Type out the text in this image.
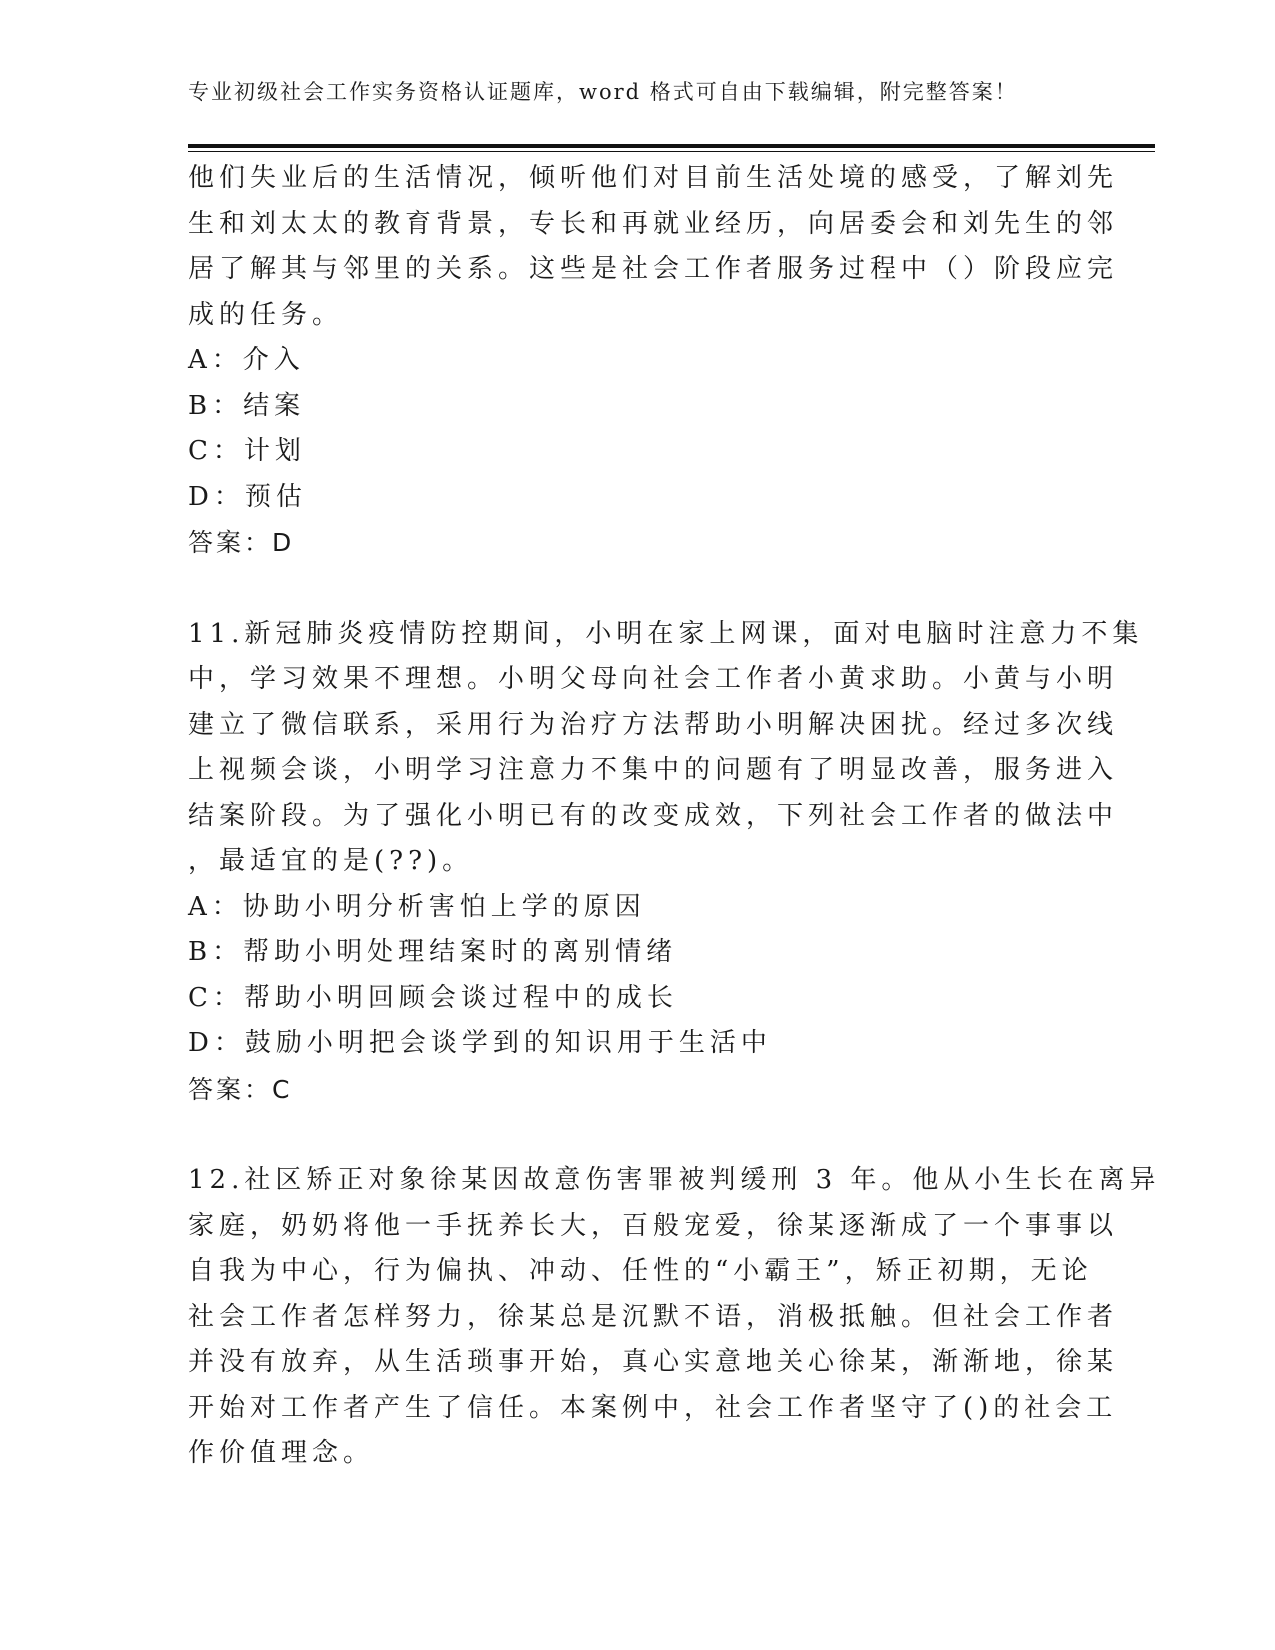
专业初级社会工作实务资格认证题库，word 格式可自由下载编辑，附完整答案！

他们失业后的生活情况，倾听他们对目前生活处境的感受，了解刘先
生和刘太太的教育背景，专长和再就业经历，向居委会和刘先生的邻
居了解其与邻里的关系。这些是社会工作者服务过程中（）阶段应完
成的任务。

A：介入
B：结案
C：计划
D：预估
答案：D

11.新冠肺炎疫情防控期间，小明在家上网课，面对电脑时注意力不集
中，学习效果不理想。小明父母向社会工作者小黄求助。小黄与小明
建立了微信联系，采用行为治疗方法帮助小明解决困扰。经过多次线
上视频会谈，小明学习注意力不集中的问题有了明显改善，服务进入
结案阶段。为了强化小明已有的改变成效，下列社会工作者的做法中
，最适宜的是(??)。

A：协助小明分析害怕上学的原因
B：帮助小明处理结案时的离别情绪
C：帮助小明回顾会谈过程中的成长
D：鼓励小明把会谈学到的知识用于生活中
答案：C

12.社区矫正对象徐某因故意伤害罪被判缓刑 3 年。他从小生长在离异
家庭，奶奶将他一手抚养长大，百般宠爱，徐某逐渐成了一个事事以
自我为中心，行为偏执、冲动、任性的“小霸王”，矫正初期，无论
社会工作者怎样努力，徐某总是沉默不语，消极抵触。但社会工作者
并没有放弃，从生活琐事开始，真心实意地关心徐某，渐渐地，徐某
开始对工作者产生了信任。本案例中，社会工作者坚守了()的社会工
作价值理念。
